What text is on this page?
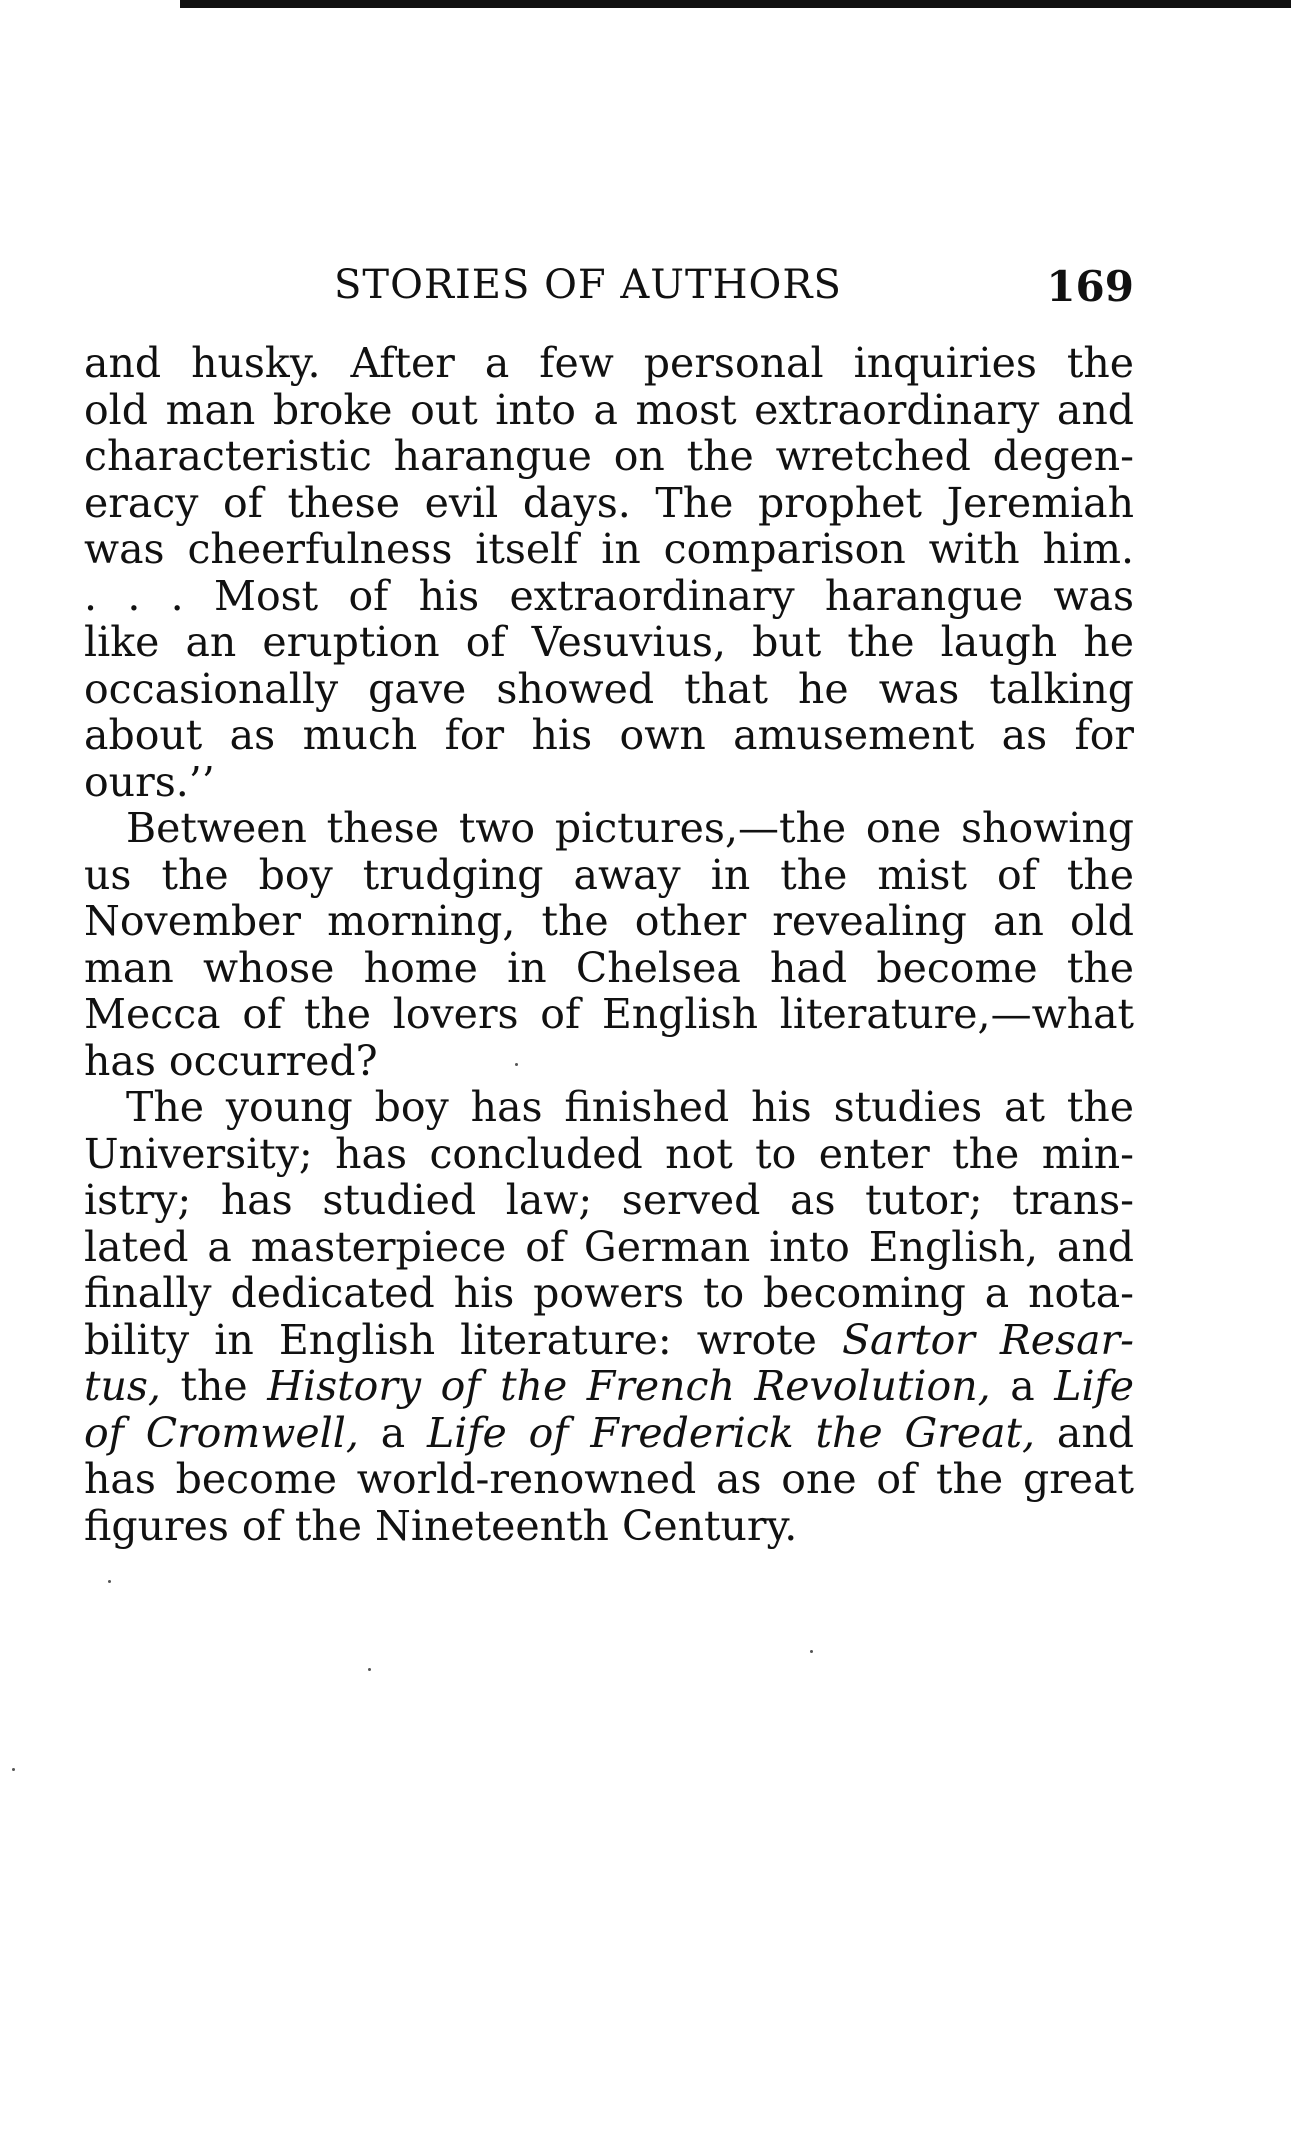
STORIES OF AUTHORS	169
and husky. After a few personal inquiries the
old man broke out into a most extraordinary and
characteristic harangue on the wretched degen-
eracy of these evil days. The prophet Jeremiah
was cheerfulness itself in comparison with him.
. . . Most of his extraordinary harangue was
like an eruption of Vesuvius, but the laugh he
occasionally gave showed that he was talking
about as much for his own amusement as for
ours.’’
Between these two pictures,—the one showing
us the boy trudging away in the mist of the
November morning, the other revealing an old
man whose home in Chelsea had become the
Mecca of the lovers of English literature,—what
has occurred?
The young boy has finished his studies at the
University; has concluded not to enter the min-
istry; has studied law; served as tutor; trans-
lated a masterpiece of German into English, and
finally dedicated his powers to becoming a nota-
bility in English literature: wrote Sartor Resar-
tus, the History of the French Revolution, a Life
of Cromwell, a Life of Frederick the Great, and
has become world-renowned as one of the great
figures of the Nineteenth Century.
